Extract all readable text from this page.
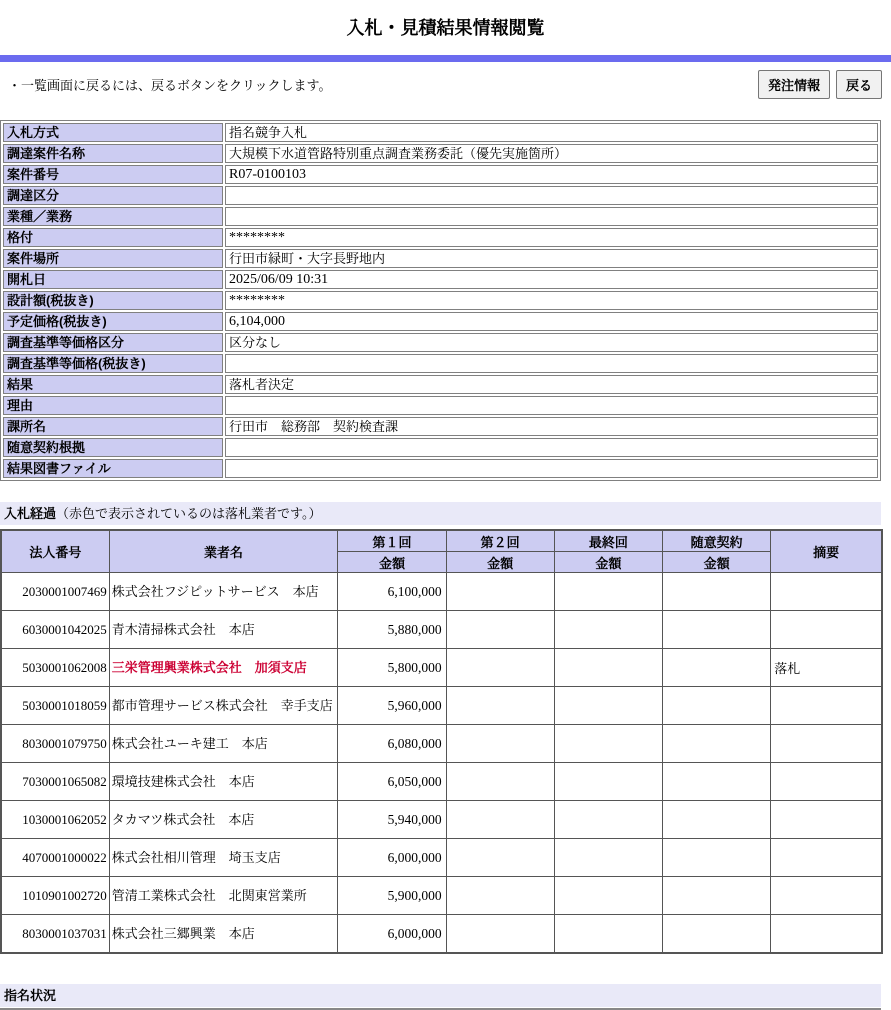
入札・見積結果情報閲覧
・一覧画面に戻るには、戻るボタンをクリックします。	発注情報	戻る
入札方式	指名競争入札
調達案件名称	大規模下水道管路特別重点調査業務委託（優先実施箇所）
案件番号	R07-0100103
調達区分	
業種／業務	
格付	********
案件場所	行田市緑町・大字長野地内
開札日	2025/06/09 10:31
設計額(税抜き)	********
予定価格(税抜き)	6,104,000
調査基準等価格区分	区分なし
調査基準等価格(税抜き)	
結果	落札者決定
理由	
課所名	行田市　総務部　契約検査課
随意契約根拠	
結果図書ファイル	
入札経過（赤色で表示されているのは落札業者です。）
法人番号	業者名	第１回	第２回	最終回	随意契約	摘要
		金額	金額	金額	金額	
2030001007469	株式会社フジピットサービス　本店	6,100,000				
6030001042025	青木清掃株式会社　本店	5,880,000				
5030001062008	三栄管理興業株式会社　加須支店	5,800,000				落札
5030001018059	都市管理サービス株式会社　幸手支店	5,960,000				
8030001079750	株式会社ユーキ建工　本店	6,080,000				
7030001065082	環境技建株式会社　本店	6,050,000				
1030001062052	タカマツ株式会社　本店	5,940,000				
4070001000022	株式会社相川管理　埼玉支店	6,000,000				
1010901002720	管清工業株式会社　北関東営業所	5,900,000				
8030001037031	株式会社三郷興業　本店	6,000,000				
指名状況
